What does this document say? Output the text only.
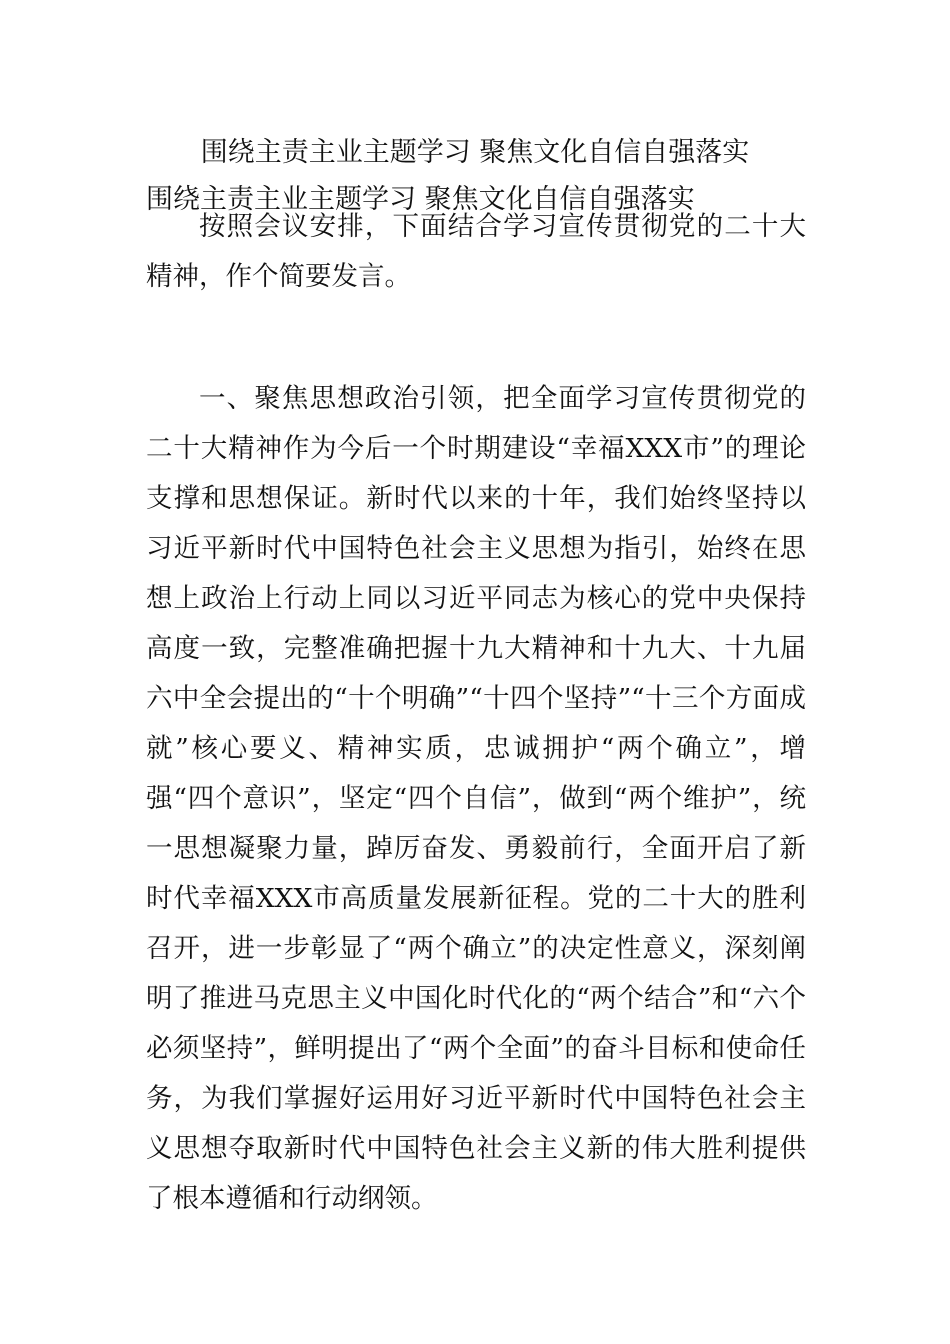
围绕主责主业主题学习 聚焦文化自信自强落实
围绕主责主业主题学习 聚焦文化自信自强落实

按照会议安排，下面结合学习宣传贯彻党的二十大精神，作个简要发言。

一、聚焦思想政治引领，把全面学习宣传贯彻党的二十大精神作为今后一个时期建设“幸福XXX市”的理论支撑和思想保证。新时代以来的十年，我们始终坚持以习近平新时代中国特色社会主义思想为指引，始终在思想上政治上行动上同以习近平同志为核心的党中央保持高度一致，完整准确把握十九大精神和十九大、十九届六中全会提出的“十个明确”“十四个坚持”“十三个方面成就”核心要义、精神实质，忠诚拥护“两个确立”，增强“四个意识”，坚定“四个自信”，做到“两个维护”，统一思想凝聚力量，踔厉奋发、勇毅前行，全面开启了新时代幸福XXX市高质量发展新征程。党的二十大的胜利召开，进一步彰显了“两个确立”的决定性意义，深刻阐明了推进马克思主义中国化时代化的“两个结合”和“六个必须坚持”，鲜明提出了“两个全面”的奋斗目标和使命任务，为我们掌握好运用好习近平新时代中国特色社会主义思想夺取新时代中国特色社会主义新的伟大胜利提供了根本遵循和行动纲领。
